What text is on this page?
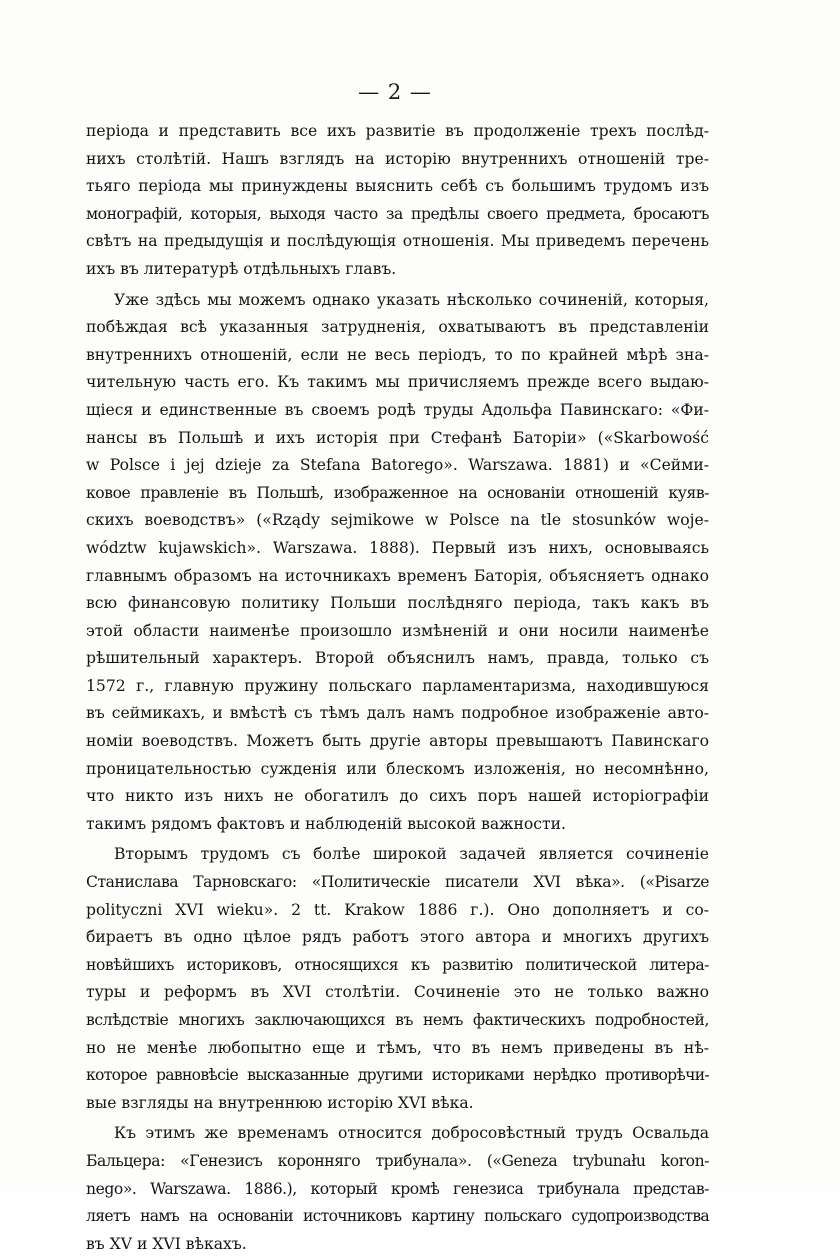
— 2 —

періода и представить все ихъ развитіе въ продолженіе трехъ послѣд-
нихъ столѣтій. Нашъ взглядъ на исторію внутреннихъ отношеній тре-
тьяго періода мы принуждены выяснить себѣ съ большимъ трудомъ изъ
монографій, которыя, выходя часто за предѣлы своего предмета, бросаютъ
свѣтъ на предыдущія и послѣдующія отношенія. Мы приведемъ перечень
ихъ въ литературѣ отдѣльныхъ главъ.

Уже здѣсь мы можемъ однако указать нѣсколько сочиненій, которыя,
побѣждая всѣ указанныя затрудненія, охватываютъ въ представленіи
внутреннихъ отношеній, если не весь періодъ, то по крайней мѣрѣ зна-
чительную часть его. Къ такимъ мы причисляемъ прежде всего выдаю-
щіеся и единственные въ своемъ родѣ труды Адольфа Павинскаго: «Фи-
нансы въ Польшѣ и ихъ исторія при Стефанѣ Баторіи» («Skarbowość
w Polsce i jej dzieje za Stefana Batorego». Warszawa. 1881) и «Сейми-
ковое правленіе въ Польшѣ, изображенное на основаніи отношеній куяв-
скихъ воеводствъ» («Rządy sejmikowe w Polsce na tle stosunków woje-
wództw kujawskich». Warszawa. 1888). Первый изъ нихъ, основываясь
главнымъ образомъ на источникахъ временъ Баторія, объясняетъ однако
всю финансовую политику Польши послѣдняго періода, такъ какъ въ
этой области наименѣе произошло измѣненій и они носили наименѣе
рѣшительный характеръ. Второй объяснилъ намъ, правда, только съ
1572 г., главную пружину польскаго парламентаризма, находившуюся
въ сеймикахъ, и вмѣстѣ съ тѣмъ далъ намъ подробное изображеніе авто-
номіи воеводствъ. Можетъ быть другіе авторы превышаютъ Павинскаго
проницательностью сужденія или блескомъ изложенія, но несомнѣнно,
что никто изъ нихъ не обогатилъ до сихъ поръ нашей исторіографіи
такимъ рядомъ фактовъ и наблюденій высокой важности.

Вторымъ трудомъ съ болѣе широкой задачей является сочиненіе
Станислава Тарновскаго: «Политическіе писатели XVI вѣка». («Pisarze
polityczni XVI wieku». 2 tt. Krakow 1886 г.). Оно дополняетъ и со-
бираетъ въ одно цѣлое рядъ работъ этого автора и многихъ другихъ
новѣйшихъ историковъ, относящихся къ развитію политической литера-
туры и реформъ въ XVI столѣтіи. Сочиненіе это не только важно
вслѣдствіе многихъ заключающихся въ немъ фактическихъ подробностей,
но не менѣе любопытно еще и тѣмъ, что въ немъ приведены въ нѣ-
которое равновѣсіе высказанные другими историками нерѣдко противорѣчи-
вые взгляды на внутреннюю исторію XVI вѣка.

Къ этимъ же временамъ относится добросовѣстный трудъ Освальда
Бальцера: «Генезисъ коронняго трибунала». («Geneza trybunału koron-
nego». Warszawa. 1886.), который кромѣ генезиса трибунала представ-
ляетъ намъ на основаніи источниковъ картину польскаго судопроизводства
въ XV и XVI вѣкахъ.
